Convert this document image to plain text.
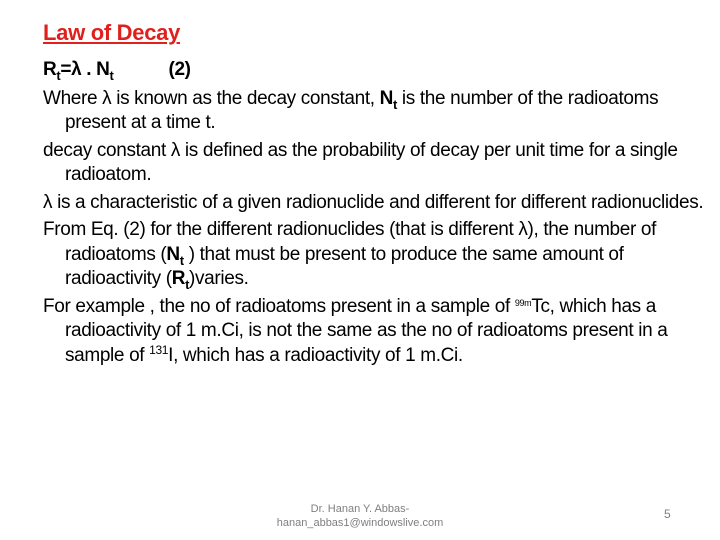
Law of Decay
$R_t=\lambda$ . $N_t$	(2)
Where λ is known as the decay constant, $N_t$ is the number of the radioatoms present at a time t.
decay constant λ is defined as the probability of decay per unit time for a single radioatom.
λ is a characteristic of a given radionuclide and different for different radionuclides.
From Eq. (2) for the different radionuclides (that is different λ), the number of radioatoms ($N_t$ ) that must be present to produce the same amount of radioactivity $(R_t)varies$.
For example , the no of radioatoms present in a sample of $^{99m}$Tc, which has a radioactivity of 1 m.Ci, is not the same as the no of radioatoms present in a sample of $^{131}$I, which has a radioactivity of 1 m.Ci.
Dr. Hanan Y. Abbas-
hanan_abbas1@windowslive.com
5
